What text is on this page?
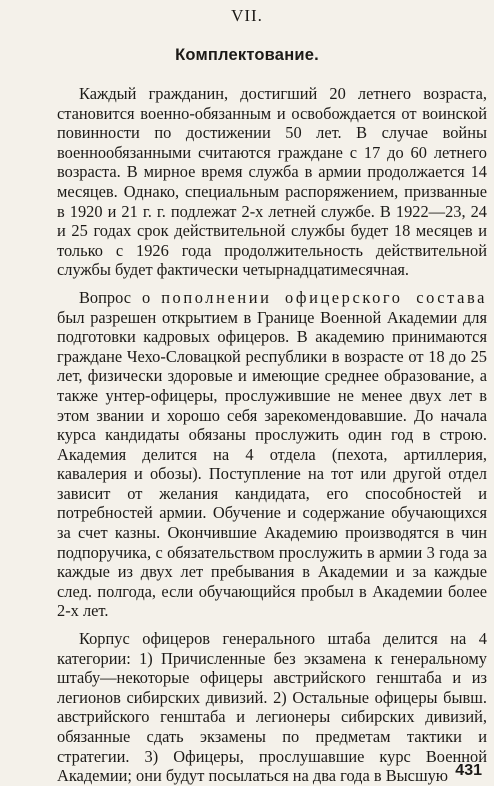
VII.
Комплектование.

Каждый гражданин, достигший 20 летнего возраста, становится военно-обязанным и освобождается от воинской повинности по достижении 50 лет. В случае войны военнообязанными считаются граждане с 17 до 60 летнего возраста. В мирное время служба в армии продолжается 14 месяцев. Однако, специальным распоряжением, призванные в 1920 и 21 г. г. подлежат 2-х летней службе. В 1922—23, 24 и 25 годах срок действительной службы будет 18 месяцев и только с 1926 года продолжительность действительной службы будет фактически четырнадцатимесячная.

Вопрос о пополнении офицерского состава был разрешен открытием в Границе Военной Академии для подготовки кадровых офицеров. В академию принимаются граждане Чехо-Словацкой республики в возрасте от 18 до 25 лет, физически здоровые и имеющие среднее образование, а также унтер-офицеры, прослужившие не менее двух лет в этом звании и хорошо себя зарекомендовавшие. До начала курса кандидаты обязаны прослужить один год в строю. Академия делится на 4 отдела (пехота, артиллерия, кавалерия и обозы). Поступление на тот или другой отдел зависит от желания кандидата, его способностей и потребностей армии. Обучение и содержание обучающихся за счет казны. Окончившие Академию производятся в чин подпоручика, с обязательством прослужить в армии 3 года за каждые из двух лет пребывания в Академии и за каждые след. полгода, если обучающийся пробыл в Академии более 2-х лет.

Корпус офицеров генерального штаба делится на 4 категории: 1) Причисленные без экзамена к генеральному штабу—некоторые офицеры австрийского генштаба и из легионов сибирских дивизий. 2) Остальные офицеры бывш. австрийского генштаба и легионеры сибирских дивизий, обязанные сдать экзамены по предметам тактики и стратегии. 3) Офицеры, прослушавшие курс Военной Академии; они будут посылаться на два года в Высшую 431
